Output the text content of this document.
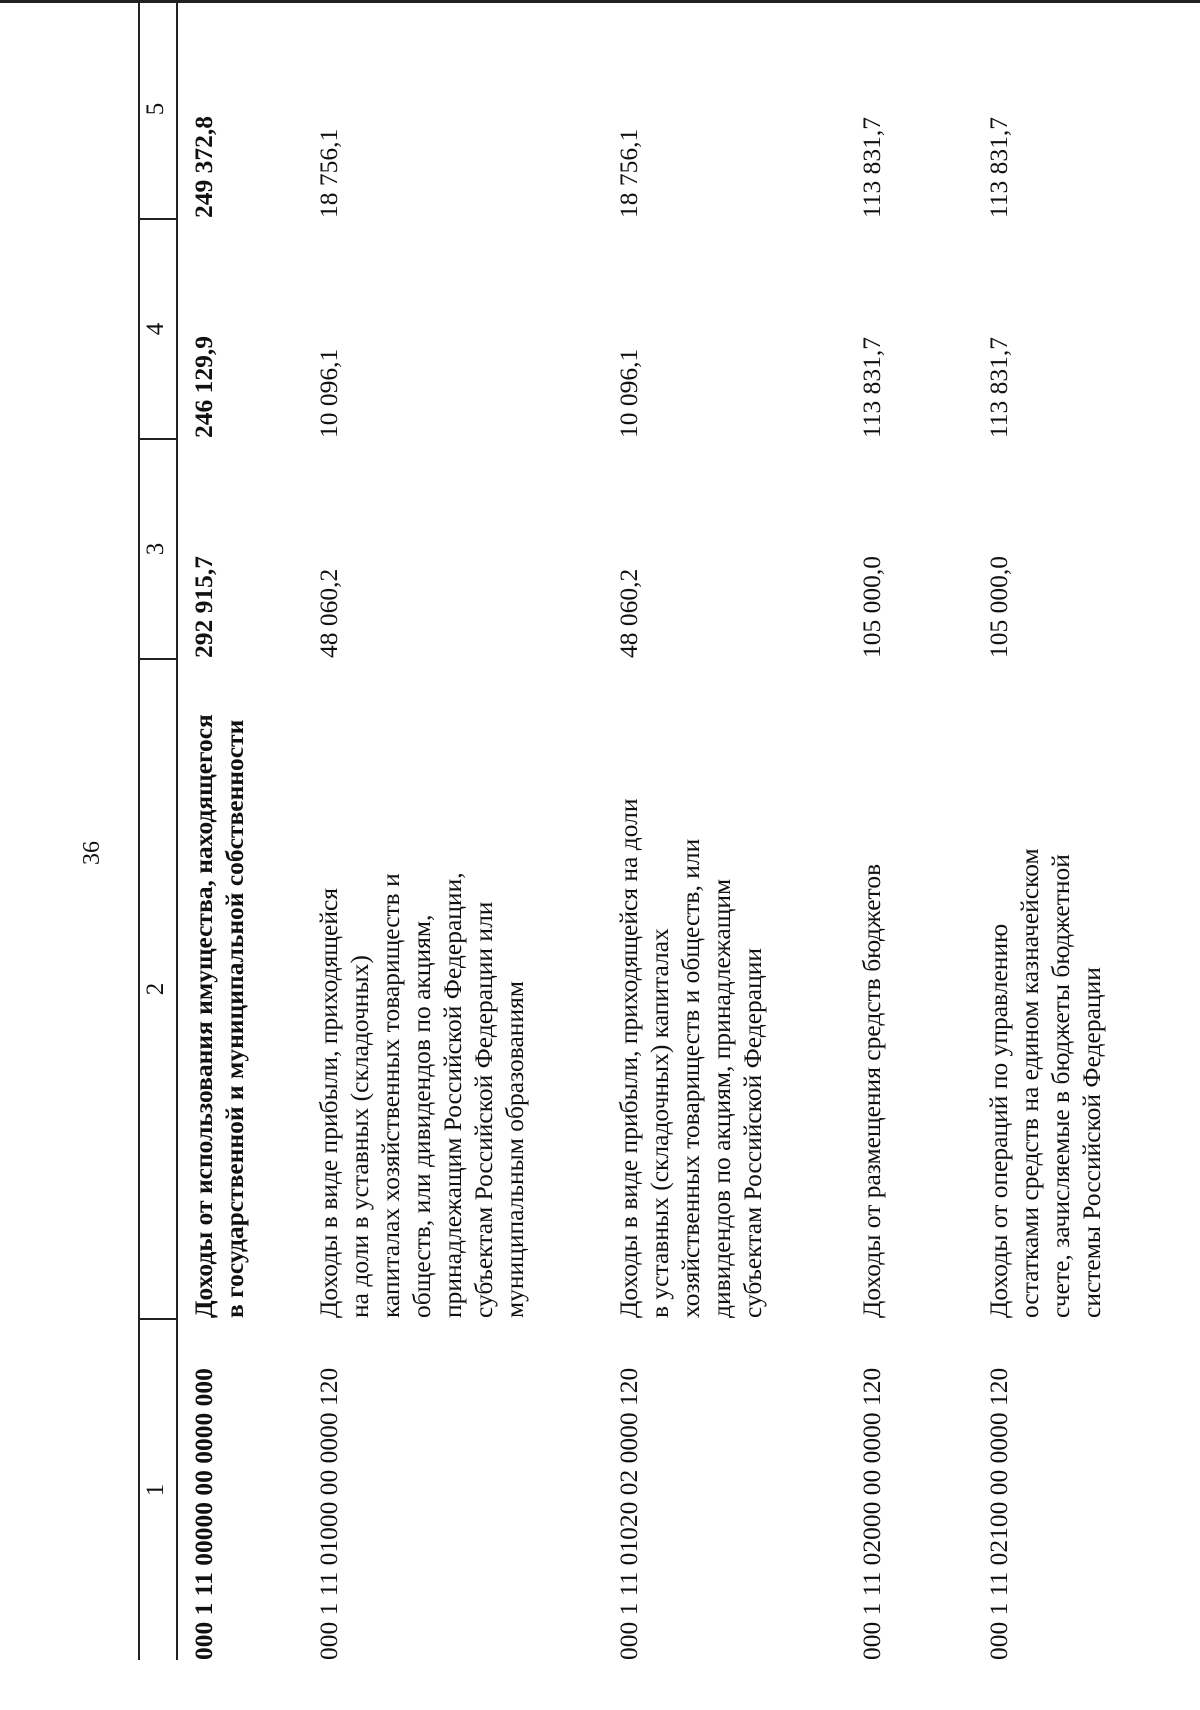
36
1
2
3
4
5
000 1 11 00000 00 0000 000
Доходы от использования имущества, находящегося в государственной и муниципальной собственности
292 915,7
246 129,9
249 372,8
000 1 11 01000 00 0000 120
Доходы в виде прибыли, приходящейся на доли в уставных (складочных) капиталах хозяйственных товариществ и обществ, или дивидендов по акциям, принадлежащим Российской Федерации, субъектам Российской Федерации или муниципальным образованиям
48 060,2
10 096,1
18 756,1
000 1 11 01020 02 0000 120
Доходы в виде прибыли, приходящейся на доли в уставных (складочных) капиталах хозяйственных товариществ и обществ, или дивидендов по акциям, принадлежащим субъектам Российской Федерации
48 060,2
10 096,1
18 756,1
000 1 11 02000 00 0000 120
Доходы от размещения средств бюджетов
105 000,0
113 831,7
113 831,7
000 1 11 02100 00 0000 120
Доходы от операций по управлению остатками средств на едином казначейском счете, зачисляемые в бюджеты бюджетной системы Российской Федерации
105 000,0
113 831,7
113 831,7
